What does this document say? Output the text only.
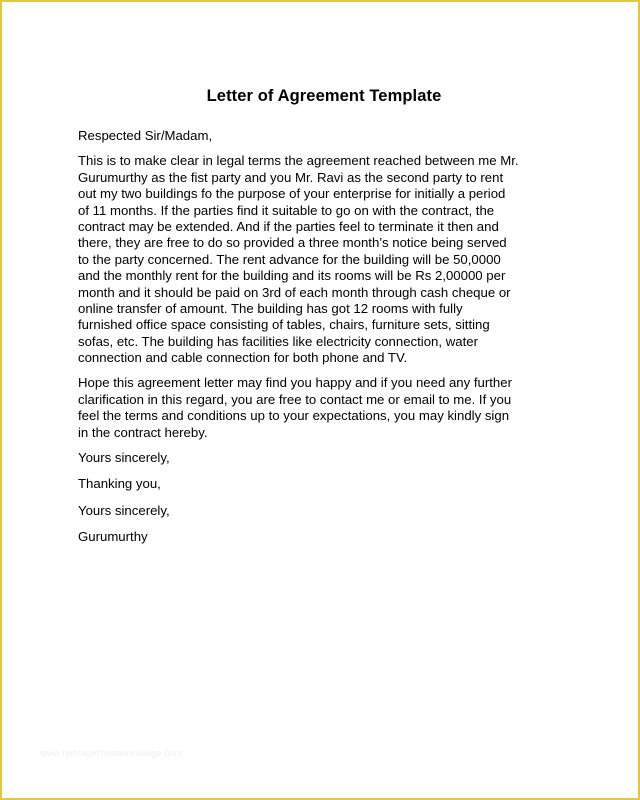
Letter of Agreement Template
Respected Sir/Madam,
This is to make clear in legal terms the agreement reached between me Mr.
Gurumurthy as the fist party and you Mr. Ravi as the second party to rent
out my two buildings fo the purpose of your enterprise for initially a period
of 11 months. If the parties find it suitable to go on with the contract, the
contract may be extended. And if the parties feel to terminate it then and
there, they are free to do so provided a three month’s notice being served
to the party concerned. The rent advance for the building will be 50,0000
and the monthly rent for the building and its rooms will be Rs 2,00000 per
month and it should be paid on 3rd of each month through cash cheque or
online transfer of amount. The building has got 12 rooms with fully
furnished office space consisting of tables, chairs, furniture sets, sitting
sofas, etc. The building has facilities like electricity connection, water
connection and cable connection for both phone and TV.
Hope this agreement letter may find you happy and if you need any further
clarification in this regard, you are free to contact me or email to me. If you
feel the terms and conditions up to your expectations, you may kindly sign
in the contract hereby.
Yours sincerely,
Thanking you,
Yours sincerely,
Gurumurthy
www.heritagechristiancollege.com
